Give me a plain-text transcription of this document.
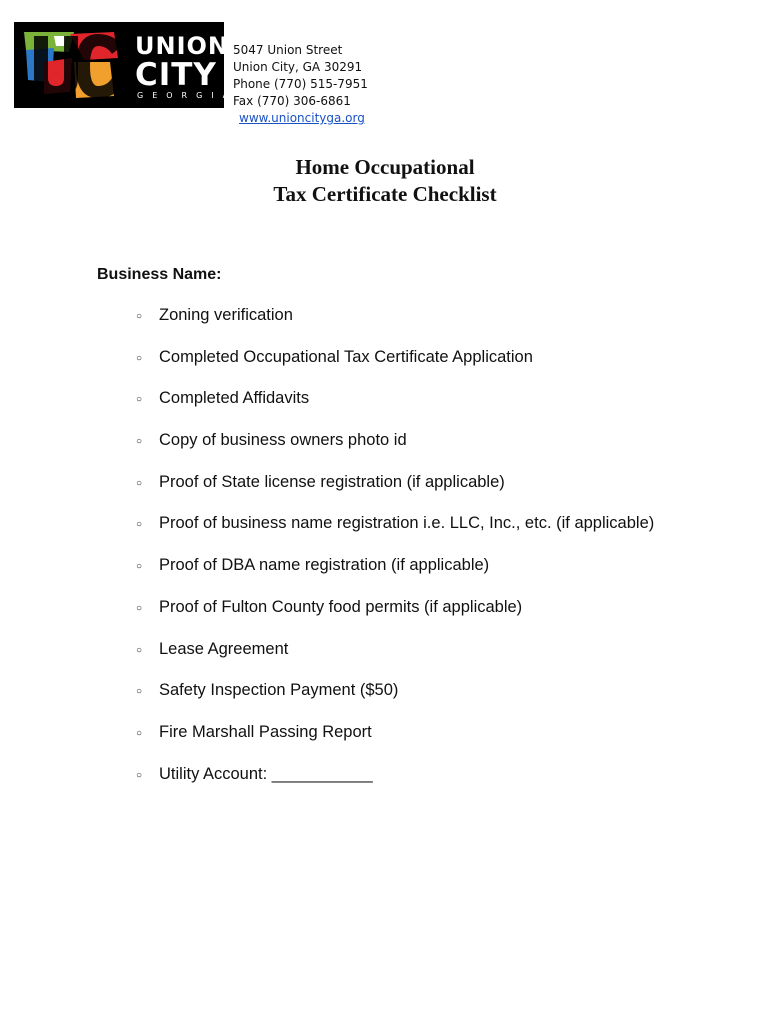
UNION
CITY
GEORGIA
5047 Union Street
Union City, GA 30291
Phone (770) 515-7951
Fax (770) 306-6861
www.unioncityga.org
Home Occupational
Tax Certificate Checklist
Business Name:
○	Zoning verification
○	Completed Occupational Tax Certificate Application
○	Completed Affidavits
○	Copy of business owners photo id
○	Proof of State license registration (if applicable)
○	Proof of business name registration i.e. LLC, Inc., etc. (if applicable)
○	Proof of DBA name registration (if applicable)
○	Proof of Fulton County food permits (if applicable)
○	Lease Agreement
○	Safety Inspection Payment ($50)
○	Fire Marshall Passing Report
○	Utility Account: ___________
